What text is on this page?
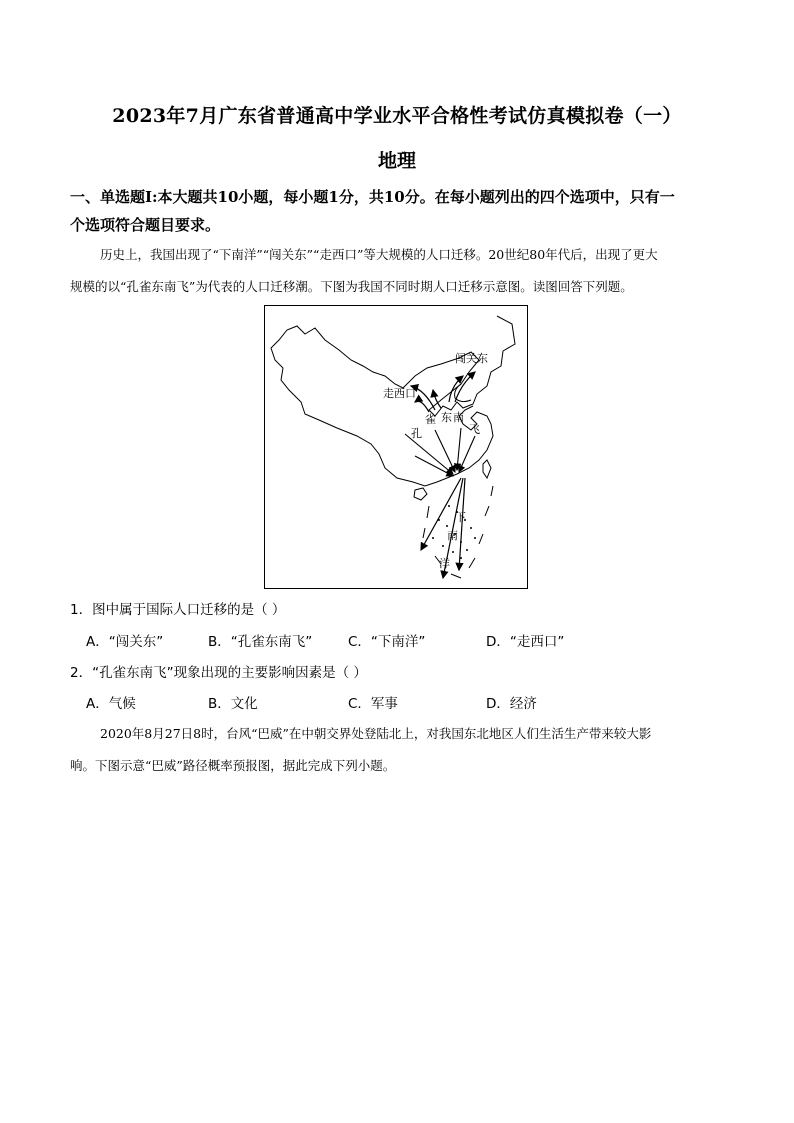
2023年7月广东省普通高中学业水平合格性考试仿真模拟卷（一）
地理
一、单选题I:本大题共10小题，每小题1分，共10分。在每小题列出的四个选项中，只有一
个选项符合题目要求。
历史上，我国出现了“下南洋”“闯关东”“走西口”等大规模的人口迁移。20世纪80年代后，出现了更大
规模的以“孔雀东南飞”为代表的人口迁移潮。下图为我国不同时期人口迁移示意图。读图回答下列题。
闯关东
走西口
雀 东 南
孔	飞
下
南
洋
1．图中属于国际人口迁移的是（ ）
A．“闯关东”	B．“孔雀东南飞”	C．“下南洋”	D．“走西口”
2．“孔雀东南飞”现象出现的主要影响因素是（ ）
A．气候	B．文化	C．军事	D．经济
2020年8月27日8时，台风“巴威”在中朝交界处登陆北上，对我国东北地区人们生活生产带来较大影
响。下图示意“巴威”路径概率预报图，据此完成下列小题。
